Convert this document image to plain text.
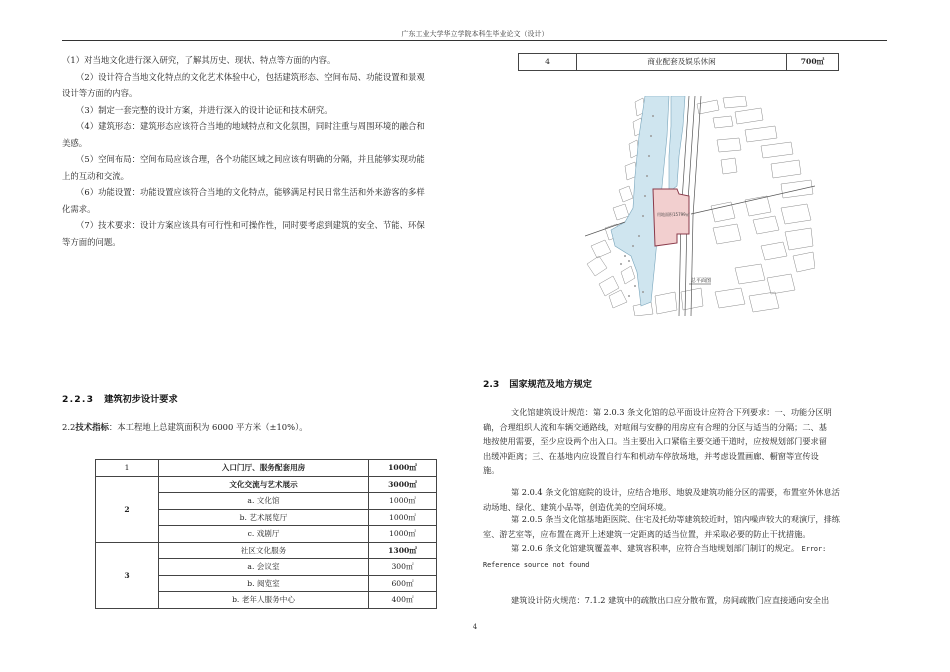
广东工业大学华立学院本科生毕业论文（设计）

（1）对当地文化进行深入研究，了解其历史、现状、特点等方面的内容。

（2）设计符合当地文化特点的文化艺术体验中心，包括建筑形态、空间布局、功能设置和景观

设计等方面的内容。

（3）制定一套完整的设计方案，并进行深入的设计论证和技术研究。

（4）建筑形态：建筑形态应该符合当地的地域特点和文化氛围，同时注重与周围环境的融合和

美感。

（5）空间布局：空间布局应该合理，各个功能区域之间应该有明确的分隔，并且能够实现功能

上的互动和交流。

（6）功能设置：功能设置应该符合当地的文化特点，能够满足村民日常生活和外来游客的多样

化需求。

（7）技术要求：设计方案应该具有可行性和可操作性，同时要考虑到建筑的安全、节能、环保

等方面的问题。

2.2.3 建筑初步设计要求
2.2技术指标：本工程地上总建筑面积为 6000 平方米（±10%）。
1	入口门厅、服务配套用房	1000㎡
2	文化交流与艺术展示	3000㎡
	a. 文化馆	1000㎡
	b. 艺术展览厅	1000㎡
	c. 戏剧厅	1000㎡
3	社区文化服务	1300㎡
	a. 会议室	300㎡
	b. 阅览室	600㎡
	b. 老年人服务中心	400㎡
4	商业配套及娱乐休闲	700㎡
用地面积15799㎡
总平面图
2.3 国家规范及地方规定
文化馆建筑设计规范：第 2.0.3 条文化馆的总平面设计应符合下列要求：一、功能分区明
确，合理组织人流和车辆交通路线，对喧闹与安静的用房应有合理的分区与适当的分隔；二、基
地按使用需要，至少应设两个出入口。当主要出入口紧临主要交通干道时，应按规划部门要求留
出缓冲距离；三、在基地内应设置自行车和机动车停放场地，并考虑设置画廊、橱窗等宣传设
施。
第 2.0.4 条文化馆庭院的设计，应结合地形、地貌及建筑功能分区的需要，布置室外休息活
动场地、绿化、建筑小品等，创造优美的空间环境。
第 2.0.5 条当文化馆基地距医院、住宅及托幼等建筑较近时，馆内噪声较大的观演厅，排练
室、游艺室等，应布置在离开上述建筑一定距离的适当位置，并采取必要的防止干扰措施。
第 2.0.6 条文化馆建筑覆盖率、建筑容积率，应符合当地规划部门制订的规定。 Error:
Reference source not found
建筑设计防火规范：7.1.2 建筑中的疏散出口应分散布置，房间疏散门应直接通向安全出
4
